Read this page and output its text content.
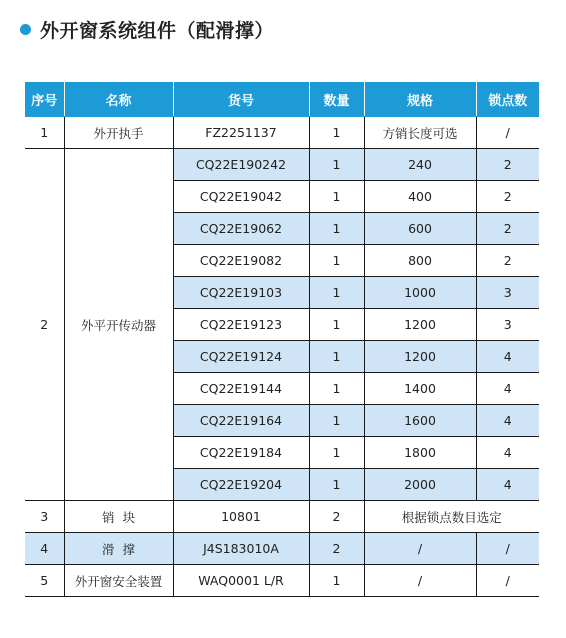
外开窗系统组件（配滑撑）
序号	名称	货号	数量	规格	锁点数
1	外开执手	FZ2251137	1	方销长度可选	/
2	外平开传动器	CQ22E190242	1	240	2
		CQ22E19042	1	400	2
		CQ22E19062	1	600	2
		CQ22E19082	1	800	2
		CQ22E19103	1	1000	3
		CQ22E19123	1	1200	3
		CQ22E19124	1	1200	4
		CQ22E19144	1	1400	4
		CQ22E19164	1	1600	4
		CQ22E19184	1	1800	4
		CQ22E19204	1	2000	4
3	销  块	10801	2	根据锁点数目选定	
4	滑  撑	J4S183010A	2	/	/
5	外开窗安全装置	WAQ0001 L/R	1	/	/
